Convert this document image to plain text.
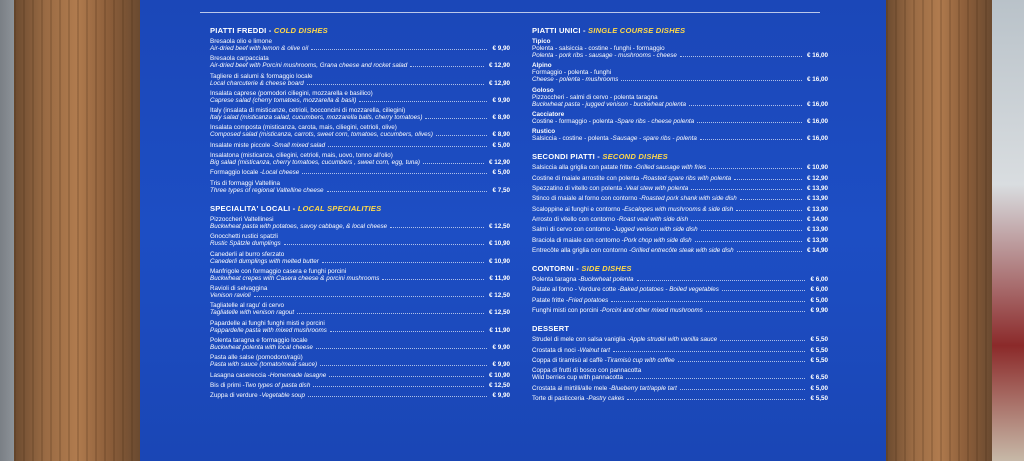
PIATTI FREDDI - COLD DISHES
Bresaola olio e limone
Air-dried beef with lemon & olive oil	€ 9,90
Bresaola carpacciata
Air-dried beef with Porcini mushrooms, Grana cheese and rocket salad	€ 12,90
Tagliere di salumi & formaggio locale
Local charcuterie & cheese board	€ 12,90
Insalata caprese (pomodori ciliegini, mozzarella e basilico)
Caprese salad (cherry tomatoes, mozzarella & basil)	€ 9,90
Italy (insalata di misticanze, cetrioli, bocconcini di mozzarella, ciliegini)
Italy salad (misticanza salad, cucumbers, mozzarella balls, cherry tomatoes)	€ 8,90
Insalata composta (misticanza, carota, mais, ciliegini, cetrioli, olive)
Composed salad (misticanza, carrots, sweet corn, tomatoes, cucumbers, olives)	€ 8,90
Insalate miste piccole - Small mixed salad	€ 5,00
Insalatona (misticanza, ciliegini, cetrioli, mais, uovo, tonno all'olio)
Big salad (misticanza, cherry tomatoes, cucumbers , sweet corn, egg, tuna)	€ 12,90
Formaggio locale - Local cheese	€ 5,00
Tris di formaggi Valtellina
Three types of regional Valtelline cheese	€ 7,50
SPECIALITA' LOCALI - LOCAL SPECIALITIES
Pizzoccheri Valtellinesi
Buckwheat pasta with potatoes, savoy cabbage, & local cheese	€ 12,50
Gnocchetti rustici spatzli
Rustic Spätzle dumplings	€ 10,90
Canederli al burro sferzato
Canederli dumplings with melted butter	€ 10,90
Manfrigole con formaggio casera e funghi porcini
Buckwheat crepes with Casera cheese & porcini mushrooms	€ 11,90
Ravioli di selvaggina
Venison ravioli	€ 12,50
Tagliatelle al ragu' di cervo
Tagliatelle with venison ragout	€ 12,50
Papardelle ai funghi funghi misti e porcini
Pappardelle pasta with mixed mushrooms	€ 11,90
Polenta taragna e formaggio locale
Buckwheat polenta with local cheese	€ 9,90
Pasta alle salse (pomodoro/ragù)
Pasta with sauce (tomato/meat sauce)	€ 9,90
Lasagna casereccia - Homemade lasagne	€ 10,90
Bis di primi - Two types of pasta dish	€ 12,50
Zuppa di verdure - Vegetable soup	€ 9,90
PIATTI UNICI - SINGLE COURSE DISHES
Tipico
Polenta - salsiccia - costine - funghi - formaggio
Polenta - pork ribs - sausage - mushrooms - cheese	€ 16,00
Alpino
Formaggio - polenta - funghi
Cheese - polenta - mushrooms	€ 16,00
Goloso
Pizzoccheri - salmi di cervo - polenta taragna
Buckwheat pasta - jugged venison - buckwheat polenta	€ 16,00
Cacciatore
Costine - formaggio - polenta - Spare ribs - cheese polenta	€ 16,00
Rustico
Salsiccia - costine - polenta - Sausage - spare ribs - polenta	€ 16,00
SECONDI PIATTI - SECOND DISHES
Salsiccia alla griglia con patate fritte - Grilled sausage with fries	€ 10,90
Costine di maiale arrostite con polenta - Roasted spare ribs with polenta	€ 12,90
Spezzatino di vitello con polenta - Veal stew with polenta	€ 13,90
Stinco di maiale al forno con contorno - Roasted pork shank with side dish	€ 13,90
Scaloppine ai funghi e contorno - Escalopes with mushrooms & side dish	€ 13,90
Arrosto di vitello con contorno - Roast veal with side dish	€ 14,90
Salmì di cervo con contorno - Jugged venison with side dish	€ 13,90
Braciola di maiale con contorno - Pork chop with side dish	€ 13,90
Entrecôte alla griglia con contorno - Grilled entrecôte steak with side dish	€ 14,90
CONTORNI - SIDE DISHES
Polenta taragna - Buckwheat polenta	€ 6,00
Patate al forno - Verdure cotte - Baked potatoes - Boiled vegetables	€ 6,00
Patate fritte - Fried potatoes	€ 5,00
Funghi misti con porcini - Porcini and other mixed mushrooms	€ 9,90
DESSERT
Strudel di mele con salsa vaniglia - Apple strudel with vanilla sauce	€ 5,50
Crostata di noci - Walnut tart	€ 5,50
Coppa di tiramisù al caffè - Tiramisù cup with coffee	€ 5,50
Coppa di frutti di bosco con pannacotta
Wild berries cup with pannacotta	€ 6,50
Crostata ai mirtilli/alle mele - Blueberry tart/apple tart	€ 5,00
Torte di pasticceria - Pastry cakes	€ 5,50
